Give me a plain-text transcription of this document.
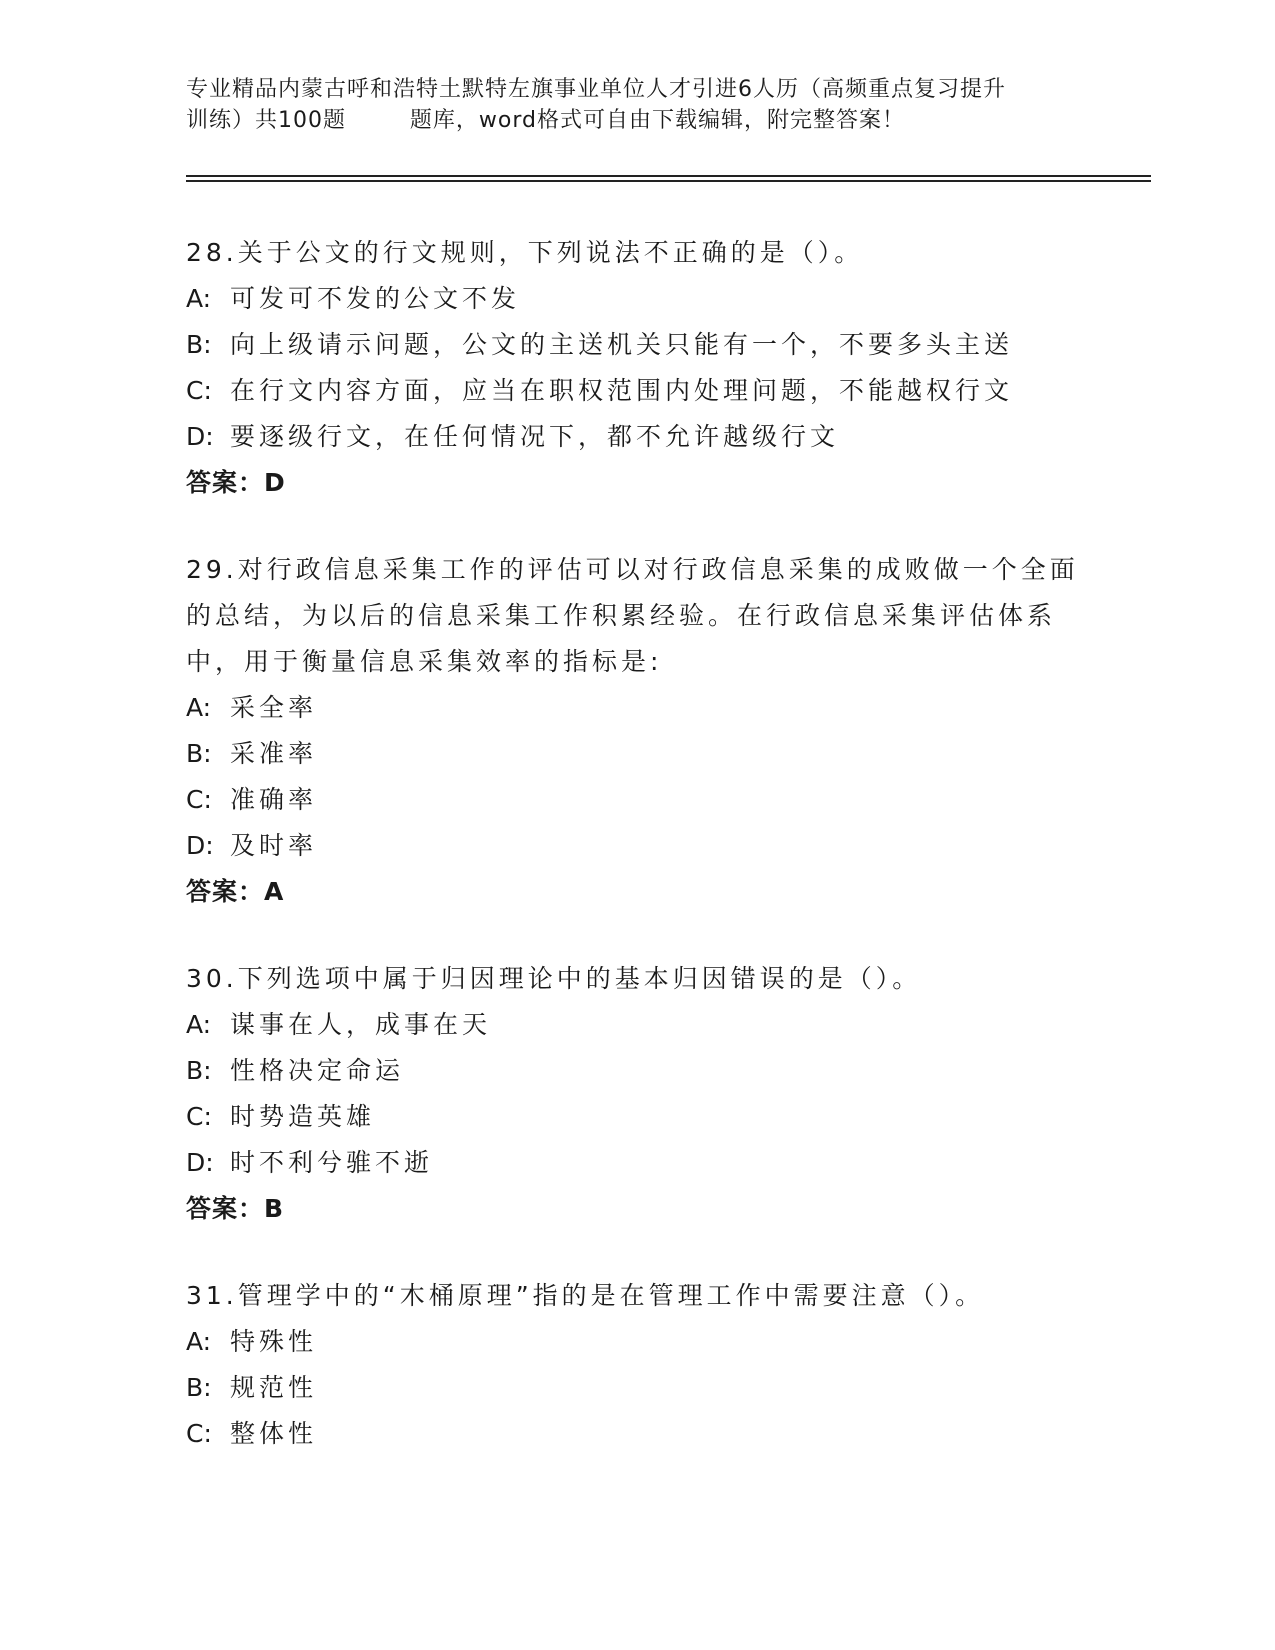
专业精品内蒙古呼和浩特土默特左旗事业单位人才引进6人历（高频重点复习提升
训练）共100题        题库，word格式可自由下载编辑，附完整答案！
28.关于公文的行文规则，下列说法不正确的是（）。
A: 可发可不发的公文不发
B: 向上级请示问题，公文的主送机关只能有一个，不要多头主送
C: 在行文内容方面，应当在职权范围内处理问题，不能越权行文
D: 要逐级行文，在任何情况下，都不允许越级行文
答案：D
29.对行政信息采集工作的评估可以对行政信息采集的成败做一个全面的总结，为以后的信息采集工作积累经验。在行政信息采集评估体系中，用于衡量信息采集效率的指标是:
A: 采全率
B: 采准率
C: 准确率
D: 及时率
答案：A
30.下列选项中属于归因理论中的基本归因错误的是（）。
A: 谋事在人，成事在天
B: 性格决定命运
C: 时势造英雄
D: 时不利兮骓不逝
答案：B
31.管理学中的“木桶原理”指的是在管理工作中需要注意（）。
A: 特殊性
B: 规范性
C: 整体性
